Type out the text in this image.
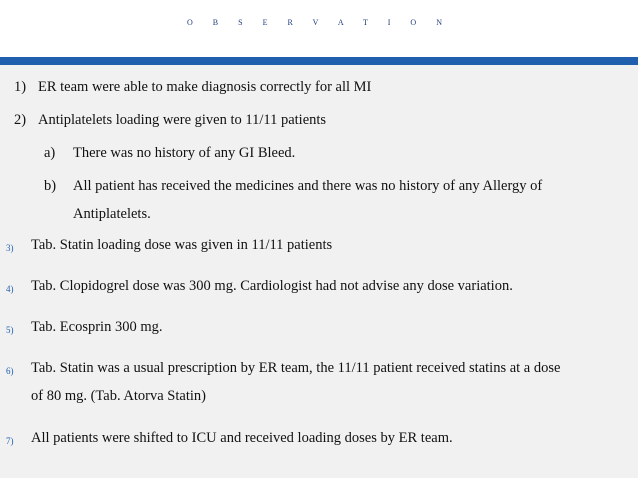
O B S E R V A T I O N
1) ER team were able to make diagnosis correctly for all MI
2) Antiplatelets loading were given to 11/11 patients
a) There was no history of any GI Bleed.
b) All patient has received the medicines and there was no history of any Allergy of
Antiplatelets.
3) Tab. Statin loading dose was given in 11/11 patients
4) Tab. Clopidogrel dose was 300 mg. Cardiologist had not advise any dose variation.
5) Tab. Ecosprin 300 mg.
6) Tab. Statin was a usual prescription by ER team, the 11/11 patient received statins at a dose
of 80 mg. (Tab. Atorva Statin)
7) All patients were shifted to ICU and received loading doses by ER team.
